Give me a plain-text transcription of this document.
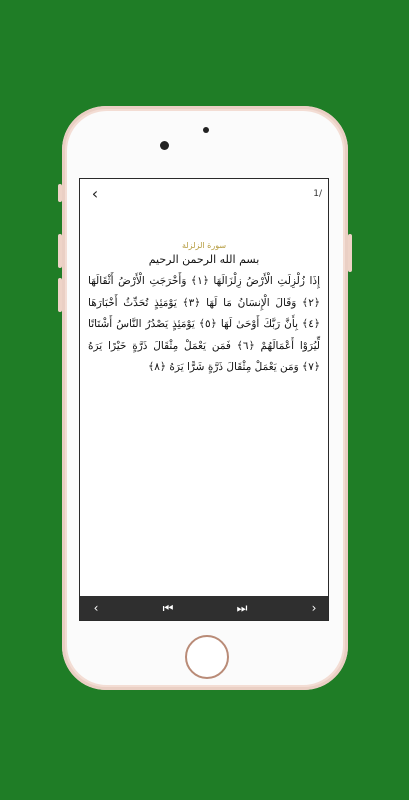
‹	1/
سورة الزلزلة
بسم الله الرحمن الرحيم
إِذَا زُلْزِلَتِ الْأَرْضُ زِلْزَالَهَا ﴿١﴾ وَأَخْرَجَتِ الْأَرْضُ أَثْقَالَهَا ﴿٢﴾ وَقَالَ الْإِنسَانُ مَا لَهَا ﴿٣﴾ يَوْمَئِذٍ تُحَدِّثُ أَخْبَارَهَا ﴿٤﴾ بِأَنَّ رَبَّكَ أَوْحَىٰ لَهَا ﴿٥﴾ يَوْمَئِذٍ يَصْدُرُ النَّاسُ أَشْتَاتًا لِّيُرَوْا أَعْمَالَهُمْ ﴿٦﴾ فَمَن يَعْمَلْ مِثْقَالَ ذَرَّةٍ خَيْرًا يَرَهُ ﴿٧﴾ وَمَن يَعْمَلْ مِثْقَالَ ذَرَّةٍ شَرًّا يَرَهُ ﴿٨﴾
‹	⏮	⏭	›
